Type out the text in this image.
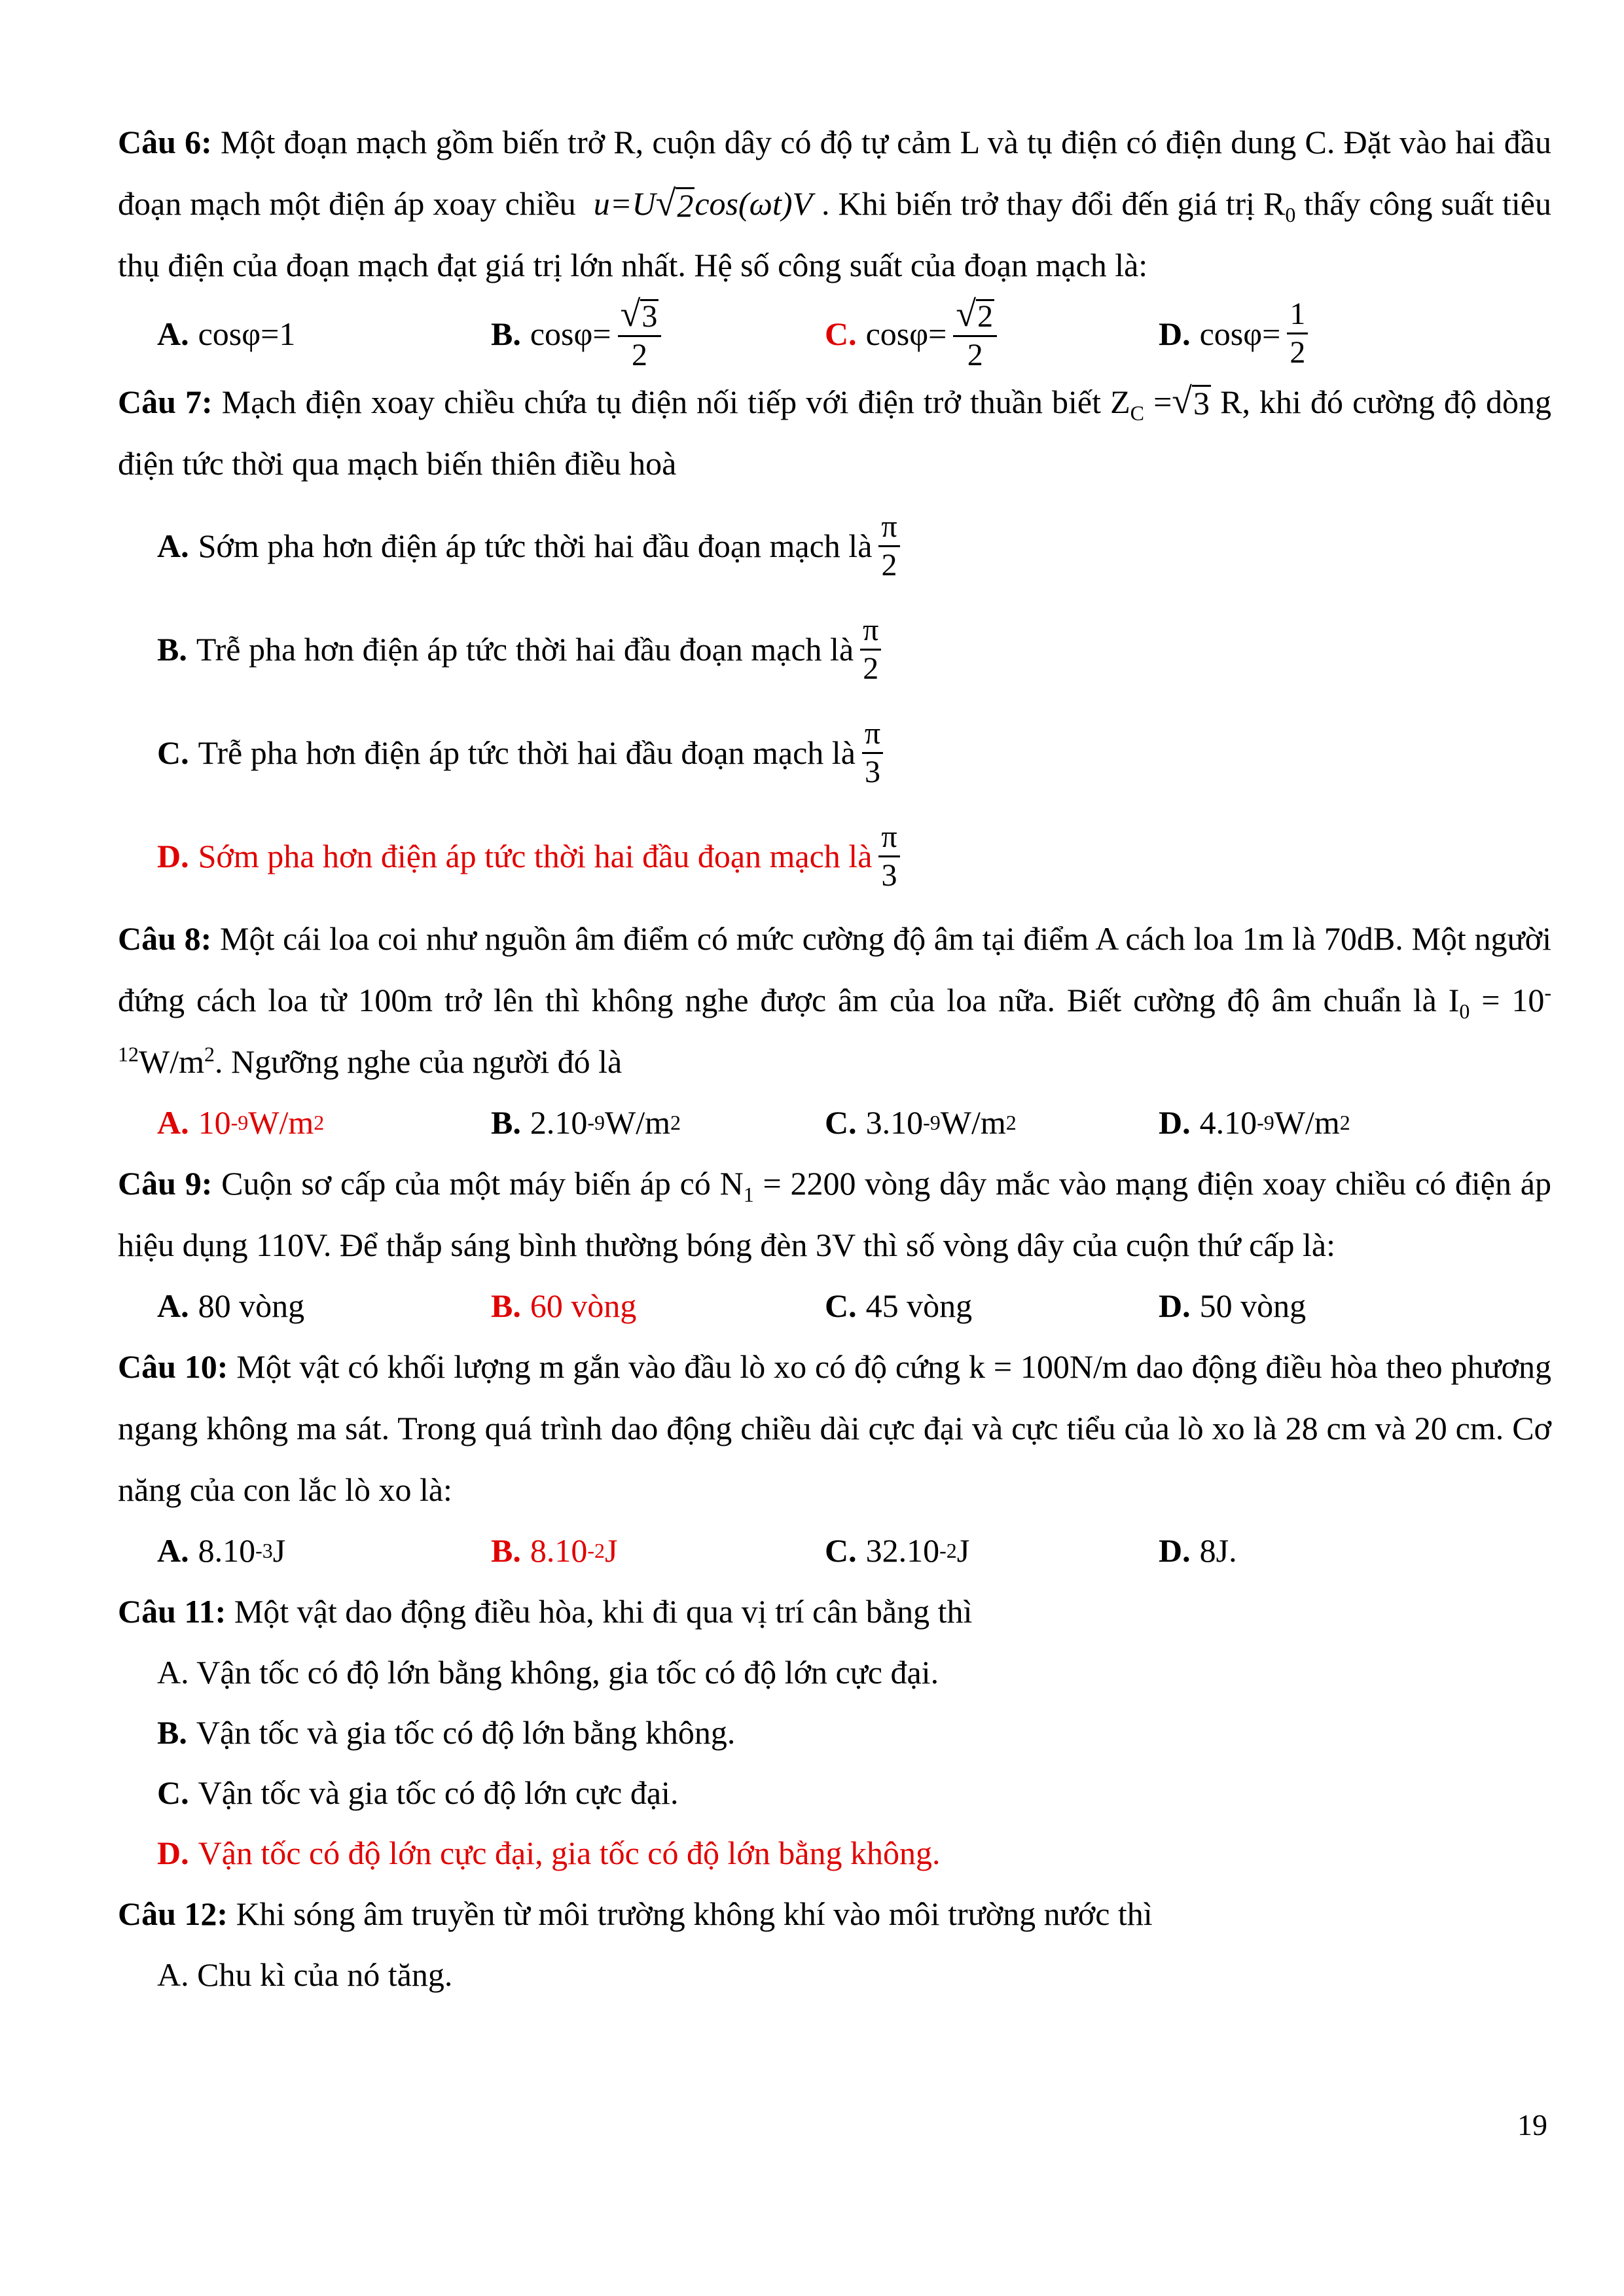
Câu 6: Một đoạn mạch gồm biến trở R, cuộn dây có độ tự cảm L và tụ điện có điện dung C. Đặt vào hai đầu đoạn mạch một điện áp xoay chiều u=U √ 2 cos(ωt)V . Khi biến trở thay đổi đến giá trị $R_0$ thấy công suất tiêu thụ điện của đoạn mạch đạt giá trị lớn nhất. Hệ số công suất của đoạn mạch là:
A. cosφ=1	B. $\cos\varphi= \frac{√ 3}{2}$	C. $\cos\varphi= \frac{√ 2}{2}$	D. $\cos\varphi= \frac{1}{2}$
Câu 7: Mạch điện xoay chiều chứa tụ điện nối tiếp với điện trở thuần biết $Z_C$ = √ 3 R, khi đó cường độ dòng điện tức thời qua mạch biến thiên điều hoà
A. Sớm pha hơn điện áp tức thời hai đầu đoạn mạch là $\frac{\pi}{2}$
B. Trễ pha hơn điện áp tức thời hai đầu đoạn mạch là $\frac{\pi}{2}$
C. Trễ pha hơn điện áp tức thời hai đầu đoạn mạch là $\frac{\pi}{3}$
D. Sớm pha hơn điện áp tức thời hai đầu đoạn mạch là $\frac{\pi}{3}$
Câu 8: Một cái loa coi như nguồn âm điểm có mức cường độ âm tại điểm A cách loa 1m là 70dB. Một người đứng cách loa từ 100m trở lên thì không nghe được âm của loa nữa. Biết cường độ âm chuẩn là $I_0 = 10^{-12}W/m^2$. Ngưỡng nghe của người đó là
A. 10 -9 W/m 2	B. 2.10 -9 W/m 2	C. 3.10 -9 W/m 2	D. 4.10 -9 W/m 2
Câu 9: Cuộn sơ cấp của một máy biến áp có $N_1 = 2200$ vòng dây mắc vào mạng điện xoay chiều có điện áp hiệu dụng 110V. Để thắp sáng bình thường bóng đèn 3V thì số vòng dây của cuộn thứ cấp là:
A. 80 vòng	B. 60 vòng	C. 45 vòng	D. 50 vòng
Câu 10: Một vật có khối lượng m gắn vào đầu lò xo có độ cứng k = 100N/m dao động điều hòa theo phương ngang không ma sát. Trong quá trình dao động chiều dài cực đại và cực tiểu của lò xo là 28 cm và 20 cm. Cơ năng của con lắc lò xo là:
A. 8.10 -3 J	B. 8.10 -2 J	C. 32.10 -2 J	D. 8J.
Câu 11: Một vật dao động điều hòa, khi đi qua vị trí cân bằng thì
A. Vận tốc có độ lớn bằng không, gia tốc có độ lớn cực đại.
B. Vận tốc và gia tốc có độ lớn bằng không.
C. Vận tốc và gia tốc có độ lớn cực đại.
D. Vận tốc có độ lớn cực đại, gia tốc có độ lớn bằng không.
Câu 12: Khi sóng âm truyền từ môi trường không khí vào môi trường nước thì
A. Chu kì của nó tăng.
19
